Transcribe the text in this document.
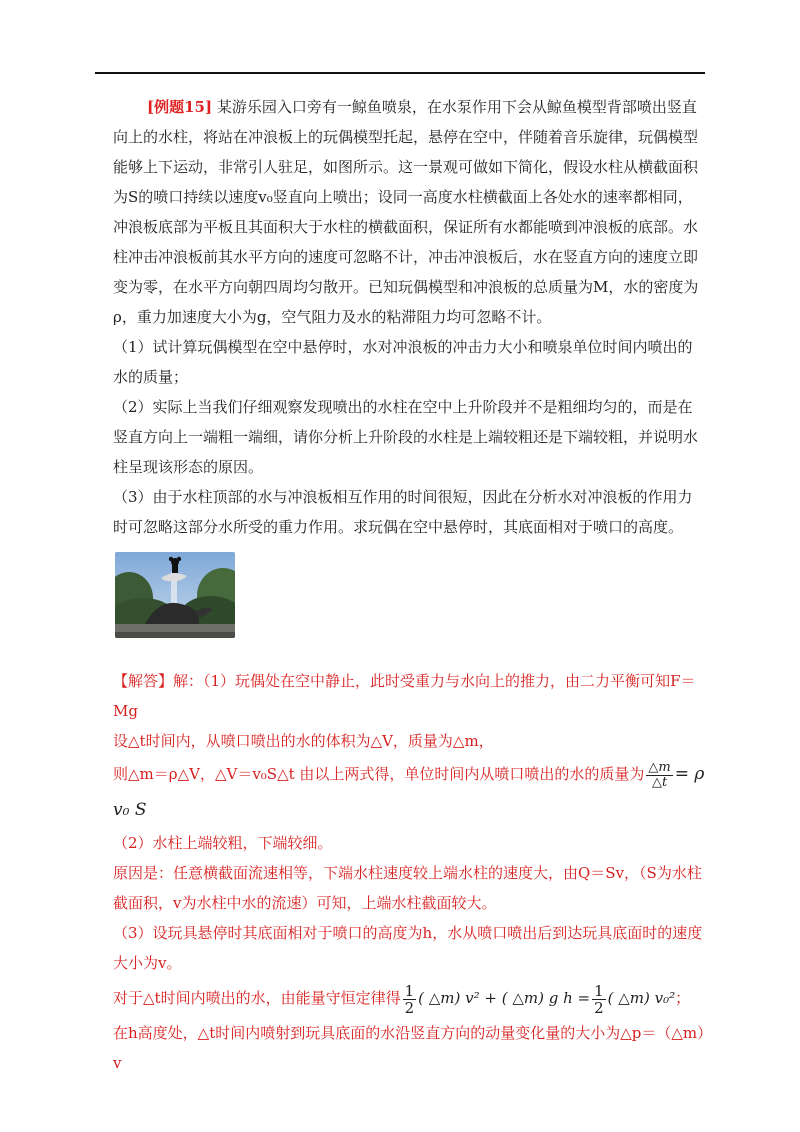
[例题15] 某游乐园入口旁有一鲸鱼喷泉，在水泵作用下会从鲸鱼模型背部喷出竖直向上的水柱，将站在冲浪板上的玩偶模型托起，悬停在空中，伴随着音乐旋律，玩偶模型能够上下运动，非常引人驻足，如图所示。这一景观可做如下简化，假设水柱从横截面积为S的喷口持续以速度v₀竖直向上喷出；设同一高度水柱横截面上各处水的速率都相同，冲浪板底部为平板且其面积大于水柱的横截面积，保证所有水都能喷到冲浪板的底部。水柱冲击冲浪板前其水平方向的速度可忽略不计，冲击冲浪板后，水在竖直方向的速度立即变为零，在水平方向朝四周均匀散开。已知玩偶模型和冲浪板的总质量为M，水的密度为ρ，重力加速度大小为g，空气阻力及水的粘滞阻力均可忽略不计。

（1）试计算玩偶模型在空中悬停时，水对冲浪板的冲击力大小和喷泉单位时间内喷出的水的质量；

（2）实际上当我们仔细观察发现喷出的水柱在空中上升阶段并不是粗细均匀的，而是在竖直方向上一端粗一端细，请你分析上升阶段的水柱是上端较粗还是下端较粗，并说明水柱呈现该形态的原因。

（3）由于水柱顶部的水与冲浪板相互作用的时间很短，因此在分析水对冲浪板的作用力时可忽略这部分水所受的重力作用。求玩偶在空中悬停时，其底面相对于喷口的高度。

【解答】解：（1）玩偶处在空中静止，此时受重力与水向上的推力，由二力平衡可知F＝Mg

设△t时间内，从喷口喷出的水的体积为△V，质量为△m，

则△m＝ρ△V，△V＝v₀S△t 由以上两式得，单位时间内从喷口喷出的水的质量为 $\frac{\triangle m}{\triangle t} = \rho$ v₀ S

（2）水柱上端较粗，下端较细。

原因是：任意横截面流速相等，下端水柱速度较上端水柱的速度大，由Q＝Sv，（S为水柱截面积，v为水柱中水的流速）可知，上端水柱截面较大。

（3）设玩具悬停时其底面相对于喷口的高度为h，水从喷口喷出后到达玩具底面时的速度大小为v。

对于△t时间内喷出的水，由能量守恒定律得 $\frac{1}{2}$ ( △m) v² + ( △m) g $h = \frac{1}{2}$ ( △m) v₀²；

在h高度处，△t时间内喷射到玩具底面的水沿竖直方向的动量变化量的大小为△p＝（△m）v
